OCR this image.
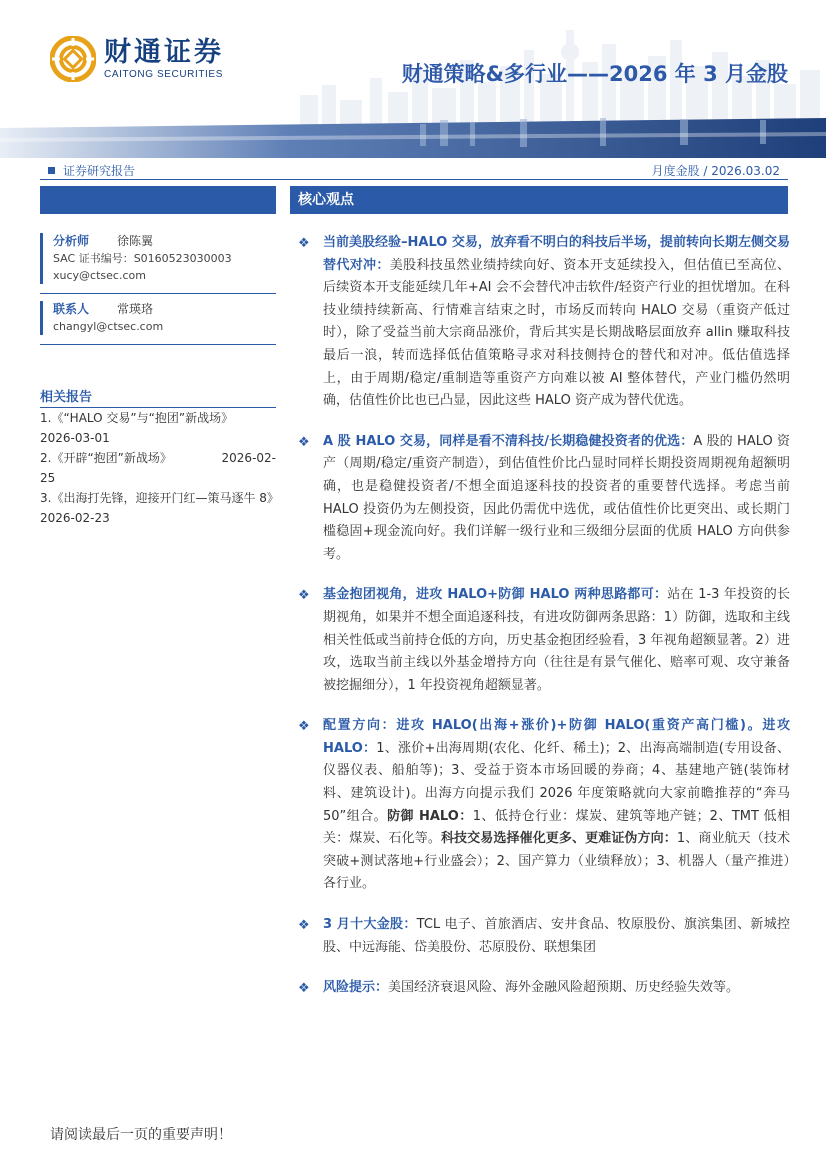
财通证券
CAITONG SECURITIES	财通策略&多行业——2026 年 3 月金股
证券研究报告	月度金股 / 2026.03.02
分析师	徐陈翼
SAC 证书编号：S0160523030003
xucy@ctsec.com
联系人	常瑛珞
changyl@ctsec.com
相关报告
1.《“HALO 交易”与“抱团”新战场》
2026-03-01
2.《开辟“抱团”新战场》	2026-02-
25
3.《出海打先锋，迎接开门红—策马逐牛 8》
2026-02-23
核心观点
❖ 当前美股经验–HALO 交易，放弃看不明白的科技后半场，提前转向长期左侧交易替代对冲：美股科技虽然业绩持续向好、资本开支延续投入，但估值已至高位、后续资本开支能延续几年+AI 会不会替代冲击软件/轻资产行业的担忧增加。在科技业绩持续新高、行情难言结束之时，市场反而转向 HALO 交易（重资产低过时），除了受益当前大宗商品涨价，背后其实是长期战略层面放弃 allin 赚取科技最后一浪，转而选择低估值策略寻求对科技侧持仓的替代和对冲。低估值选择上，由于周期/稳定/重制造等重资产方向难以被 AI 整体替代，产业门槛仍然明确，估值性价比也已凸显，因此这些 HALO 资产成为替代优选。
❖ A 股 HALO 交易，同样是看不清科技/长期稳健投资者的优选：A 股的 HALO 资产（周期/稳定/重资产制造），到估值性价比凸显时同样长期投资周期视角超额明确，也是稳健投资者/不想全面追逐科技的投资者的重要替代选择。考虑当前 HALO 投资仍为左侧投资，因此仍需优中选优，或估值性价比更突出、或长期门槛稳固+现金流向好。我们详解一级行业和三级细分层面的优质 HALO 方向供参考。
❖ 基金抱团视角，进攻 HALO+防御 HALO 两种思路都可：站在 1-3 年投资的长期视角，如果并不想全面追逐科技，有进攻防御两条思路：1）防御，选取和主线相关性低或当前持仓低的方向，历史基金抱团经验看，3 年视角超额显著。2）进攻，选取当前主线以外基金增持方向（往往是有景气催化、赔率可观、攻守兼备被挖掘细分），1 年投资视角超额显著。
❖ 配置方向：进攻 HALO(出海+涨价)+防御 HALO(重资产高门槛)。进攻 HALO：1、涨价+出海周期(农化、化纤、稀土)；2、出海高端制造(专用设备、仪器仪表、船舶等)；3、受益于资本市场回暖的券商；4、基建地产链(装饰材料、建筑设计)。出海方向提示我们 2026 年度策略就向大家前瞻推荐的“奔马 50”组合。防御 HALO：1、低持仓行业：煤炭、建筑等地产链；2、TMT 低相关：煤炭、石化等。科技交易选择催化更多、更难证伪方向：1、商业航天（技术突破+测试落地+行业盛会）；2、国产算力（业绩释放）；3、机器人（量产推进）各行业。
❖ 3 月十大金股：TCL 电子、首旅酒店、安井食品、牧原股份、旗滨集团、新城控股、中远海能、岱美股份、芯原股份、联想集团
❖ 风险提示：美国经济衰退风险、海外金融风险超预期、历史经验失效等。
请阅读最后一页的重要声明！
